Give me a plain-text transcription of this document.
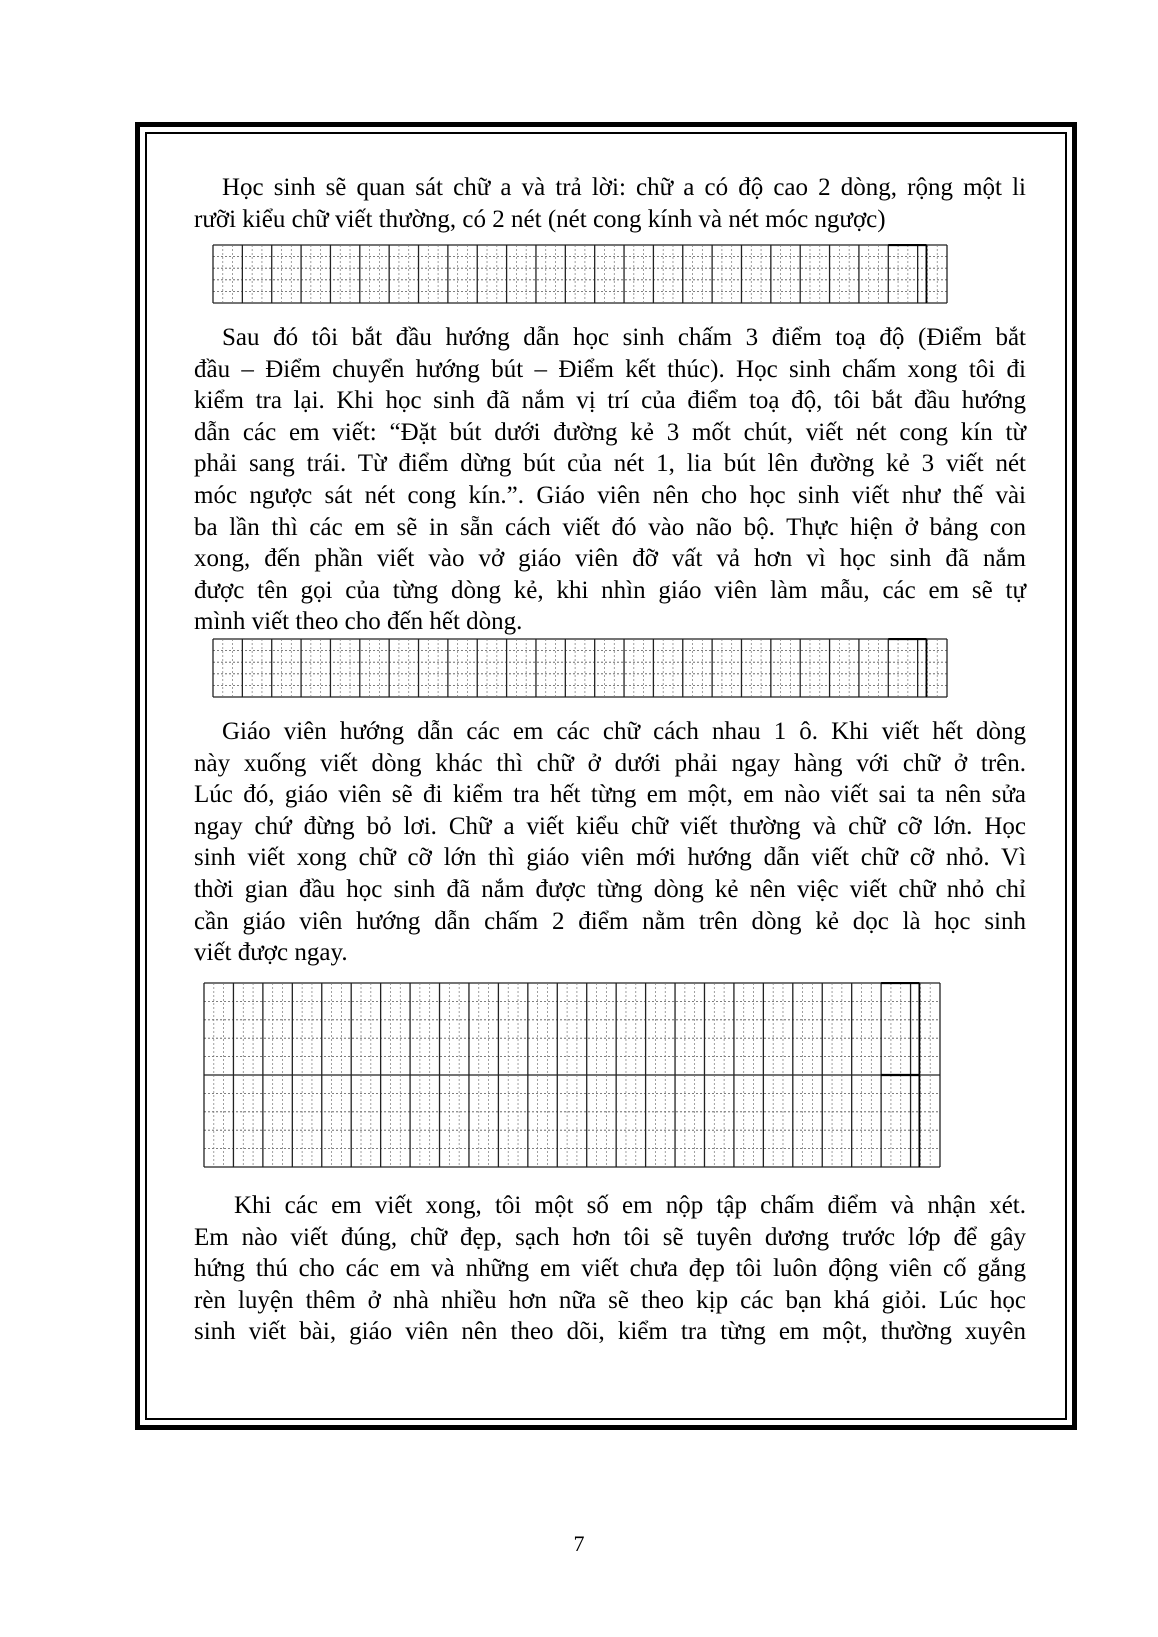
Học sinh sẽ quan sát chữ a và trả lời: chữ a có độ cao 2 dòng, rộng một li
rưỡi kiểu chữ viết thường, có 2 nét (nét cong kính và nét móc ngược)

Sau đó tôi bắt đầu hướng dẫn học sinh chấm 3 điểm toạ độ (Điểm bắt
đầu – Điểm chuyển hướng bút – Điểm kết thúc). Học sinh chấm xong tôi đi
kiểm tra lại. Khi học sinh đã nắm vị trí của điểm toạ độ, tôi bắt đầu hướng
dẫn các em viết: “Đặt bút dưới đường kẻ 3 mốt chút, viết nét cong kín từ
phải sang trái. Từ điểm dừng bút của nét 1, lia bút lên đường kẻ 3 viết nét
móc ngược sát nét cong kín.”. Giáo viên nên cho học sinh viết như thế vài
ba lần thì các em sẽ in sẵn cách viết đó vào não bộ. Thực hiện ở bảng con
xong, đến phần viết vào vở giáo viên đỡ vất vả hơn vì học sinh đã nắm
được tên gọi của từng dòng kẻ, khi nhìn giáo viên làm mẫu, các em sẽ tự
mình viết theo cho đến hết dòng.

Giáo viên hướng dẫn các em các chữ cách nhau 1 ô. Khi viết hết dòng
này xuống viết dòng khác thì chữ ở dưới phải ngay hàng với chữ ở trên.
Lúc đó, giáo viên sẽ đi kiểm tra hết từng em một, em nào viết sai ta nên sửa
ngay chứ đừng bỏ lơi. Chữ a viết kiểu chữ viết thường và chữ cỡ lớn. Học
sinh viết xong chữ cỡ lớn thì giáo viên mới hướng dẫn viết chữ cỡ nhỏ. Vì
thời gian đầu học sinh đã nắm được từng dòng kẻ nên việc viết chữ nhỏ chỉ
cần giáo viên hướng dẫn chấm 2 điểm nằm trên dòng kẻ dọc là học sinh
viết được ngay.

Khi các em viết xong, tôi một số em nộp tập chấm điểm và nhận xét.
Em nào viết đúng, chữ đẹp, sạch hơn tôi sẽ tuyên dương trước lớp để gây
hứng thú cho các em và những em viết chưa đẹp tôi luôn động viên cố gắng
rèn luyện thêm ở nhà nhiều hơn nữa sẽ theo kịp các bạn khá giỏi. Lúc học
sinh viết bài, giáo viên nên theo dõi, kiểm tra từng em một, thường xuyên

7
